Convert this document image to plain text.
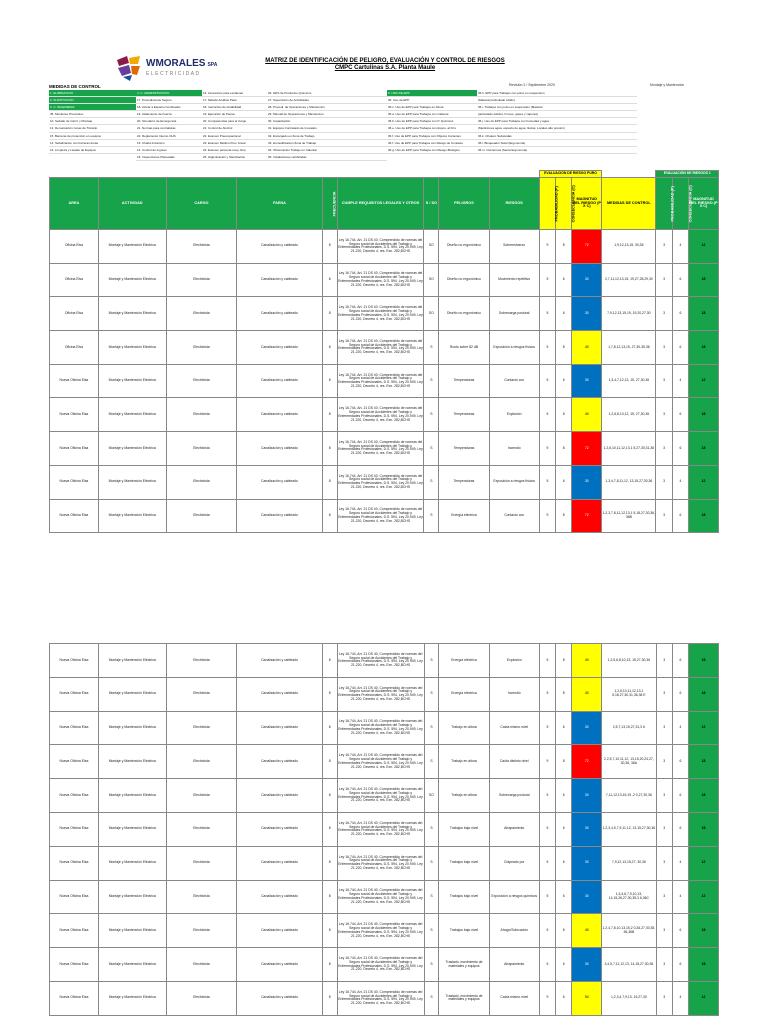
WMORALES SPA
ELECTRICIDAD
MATRIZ DE IDENTIFICACIÓN DE PELIGRO, EVALUACIÓN Y CONTROL DE RIESGOS
CMPC Cartulinas S.A. Planta Maule
Revisión 2 / Septiembre 2020	Montaje y Mantención
MEDIDAS DE CONTROL
1. ELIMINACION
2. SUSTITUCION
3. C. INGENIERIA
35. Monitoreo Preventivo
10. Señalar de Carril. y Montaje
13. Demarcación zonas de Tránsito
15. Barreras de protección en equipos
14. Señalización con barreras duras
16. Limpieza y Lavado de Equipos
4. C. ADMINISTRATIVO
17. Procedimiento Seguro
18. Actuar a Espacio Confinados
19. Aislamiento de Fuerza
20. Simulacro de Emergencia
21. Normas para contratistas
22. Reglamento Interno OHS
13. Charla Inducción
14. Control de Ingreso
15. Inspecciones Planeadas
16. Accesorios para escaleras
17. Método Análisis Pasó
18. Instructivo de dotabilidad
19. Ejecución de Pausa
20. Competencias para el Cargo
21. Control de Alcohol
22. Examen Preocupacional
23. Examen Médico Prev. Anual
24. Examen personal ocup. Exp.
25. Higienización y Sanitización
26. HDS de Productos Químicos
27. Supervisión de Actividades
28. Procedi. de Operaciones y Mantención
29. Manual de Operaciones y Mantención
30. Capacitación
31. Equipos Contratado de Inocados
32. Encargado en Zona de Trabajo
33. Humedificación Zona de Trabajo
34. Observación Trabajo en Calentar
35. Instalaciones certificadas
5. USO DE EPP
36. Uso de EPP
36.c. Uso de EPP para Trabajos en Altura
36.a. Uso de EPP para Trabajos con Caliente
36.b. Uso de EPP para Trabajos con P. Químicos
36.e. Uso de EPP para Trabajos con Expos. al Frío
36.f. Uso de EPP para Trabajos con Objetos Cortantes
36.f. Uso de EPP para Trabajos con Riesgo de Contacto
36.g. Uso de EPP para Trabajos con Riesgo Biológico
36.h. EPP para Trabajos con polvo en suspensión
(Material particulado sólido)
36.i. Trabajos con polvo en suspensión (Material
particulado sólidos, humos, gases y vapores)
36.j. Uso de EPP para Trabajos con humedad y agua
(Mediciones agua, espacio de agua, lluvias, Locales alto presión)
36.k. Chaleco Salvavidas
36.l. Bloqueador Solar (Ergonomía)
36.m. Cubrenuca (Senta Ergonomía)
									EVALUACIÓN DE RIESGO PURO				EVALUACIÓN DE RIESGOS 1		
AREA	ACTIVIDAD	CARGO	FAENA	FRECUENCIA	CUMPLE REQUISITOS LEGALES Y OTROS	S / SO	PELIGROS	RIESGOS	PROBABILIDAD (P)	CONSECUENCIA (C)	MAGNITUD DEL RIESGO (P X C)	MEDIDAS DE CONTROL	PROBABILIDAD (P)	CONSECUENCIA (C)	MAGNITUD DEL RIESGO (P X C)
Oficina Elsa	Montaje y Mantención Eléctrica	Electricista	Canalización y cableado	8	Ley 16.744, Art. 21 DS 40, Comprendido de normas del Seguro social de Accidentes del Trabajo y Enfermedades Profesionales, D.S. 594, Ley 20.949, Ley 21.220, Decreto 4, res. Exn. 282,BCHS	SO	Diseño no ergonómico	Sobreesfuerzo	9	8	72	1,9,12,13,15, 30,36	3	4	12
Oficina Elsa	Montaje y Mantención Eléctrica	Electricista	Canalización y cableado	8	Ley 16.744, Art. 21 DS 40, Comprendido de normas del Seguro social de Accidentes del Trabajo y Enfermedades Profesionales, D.S. 594, Ley 20.949, Ley 21.220, Decreto 4, res. Exn. 282,BCHS	SO	Diseño no ergonómico	Movimiento repetitivo	5	6	30	2,7,11,12,13,15, 19,27,28,29,30	3	6	18
Oficina Elsa	Montaje y Mantención Eléctrica	Electricista	Canalización y cableado	8	Ley 16.744, Art. 21 DS 40, Comprendido de normas del Seguro social de Accidentes del Trabajo y Enfermedades Profesionales, D.S. 594, Ley 20.949, Ley 21.220, Decreto 4, res. Exn. 282,BCHS	SO	Diseño no ergonómico	Sobrecarga postural	5	6	30	7,9,12,13,15,19, 19,20,27,30	3	6	18
Oficina Elsa	Montaje y Mantención Eléctrica	Electricista	Canalización y cableado	8	Ley 16.744, Art. 21 DS 40, Comprendido de normas del Seguro social de Accidentes del Trabajo y Enfermedades Profesionales, D.S. 594, Ley 20.949, Ley 21.220, Decreto 4, res. Exn. 282,BCHS	S	Ruido sobre 82 dB	Exposición a riesgos físicos	5	8	40	1,7,8,12,13,15, 27,30,35,36	3	6	18
Nueva Oficina Elsa	Montaje y Mantención Eléctrica	Electricista	Canalización y cableado	8	Ley 16.744, Art. 21 DS 40, Comprendido de normas del Seguro social de Accidentes del Trabajo y Enfermedades Profesionales, D.S. 594, Ley 20.949, Ley 21.220, Decreto 4, res. Exn. 282,BCHS	S	Temperaturas	Contacto con	5	6	30	1,3,4,7,12,13, 15, 27,30,36	3	4	12
Nueva Oficina Elsa	Montaje y Mantención Eléctrica	Electricista	Canalización y cableado	8	Ley 16.744, Art. 21 DS 40, Comprendido de normas del Seguro social de Accidentes del Trabajo y Enfermedades Profesionales, D.S. 594, Ley 20.949, Ley 21.220, Decreto 4, res. Exn. 282,BCHS	S	Temperaturas	Explosión	5	8	40	1,2,6,8,10,12, 15, 27,30,36	3	6	18
Nueva Oficina Elsa	Montaje y Mantención Eléctrica	Electricista	Canalización y cableado	8	Ley 16.744, Art. 21 DS 40, Comprendido de normas del Seguro social de Accidentes del Trabajo y Enfermedades Profesionales, D.S. 594, Ley 20.949, Ley 21.220, Decreto 4, res. Exn. 282,BCHS	S	Temperaturas	Incendio	9	8	72	1,2,6,10,11,12,13,1 5,27,30,31,36	3	6	18
Nueva Oficina Elsa	Montaje y Mantención Eléctrica	Electricista	Canalización y cableado	8	Ley 16.744, Art. 21 DS 40, Comprendido de normas del Seguro social de Accidentes del Trabajo y Enfermedades Profesionales, D.S. 594, Ley 20.949, Ley 21.220, Decreto 4, res. Exn. 282,BCHS	S	Temperaturas	Exposición a riesgos físicos	5	6	30	1,3,4,7,8,11,12, 13,15,27,30,36	3	4	12
Nueva Oficina Elsa	Montaje y Mantención Eléctrica	Electricista	Canalización y cableado	8	Ley 16.744, Art. 21 DS 40, Comprendido de normas del Seguro social de Accidentes del Trabajo y Enfermedades Profesionales, D.S. 594, Ley 20.949, Ley 21.220, Decreto 4, res. Exn. 282,BCHS	S	Energía eléctrica	Contacto con	9	8	72	1,2,3,7,8,11,12,13,1 5,18,27,30,36, 36B	3	6	18
Nueva Oficina Elsa	Montaje y Mantención Eléctrica	Electricista	Canalización y cableado	8	Ley 16.744, Art. 21 DS 40, Comprendido de normas del Seguro social de Accidentes del Trabajo y Enfermedades Profesionales, D.S. 594, Ley 20.949, Ley 21.220, Decreto 4, res. Exn. 282,BCHS	S	Energía eléctrica	Explosión	5	8	40	1,2,5,6,8,10,13, 15,27,30,36	3	6	18
Nueva Oficina Elsa	Montaje y Mantención Eléctrica	Electricista	Canalización y cableado	8	Ley 16.744, Art. 21 DS 40, Comprendido de normas del Seguro social de Accidentes del Trabajo y Enfermedades Profesionales, D.S. 594, Ley 20.949, Ley 21.220, Decreto 4, res. Exn. 282,BCHS	S	Energía eléctrica	Incendio	5	8	40	1,2,6,10,11,12,13,1 5,18,27,30,31,36,36 E	3	6	18
Nueva Oficina Elsa	Montaje y Mantención Eléctrica	Electricista	Canalización y cableado	8	Ley 16.744, Art. 21 DS 40, Comprendido de normas del Seguro social de Accidentes del Trabajo y Enfermedades Profesionales, D.S. 594, Ley 20.949, Ley 21.220, Decreto 4, res. Exn. 282,BCHS	S	Trabajo en altura	Caída mismo nivel	5	6	30	2,5,7,13,15,27,31,3 6	3	4	12
Nueva Oficina Elsa	Montaje y Mantención Eléctrica	Electricista	Canalización y cableado	8	Ley 16.744, Art. 21 DS 40, Comprendido de normas del Seguro social de Accidentes del Trabajo y Enfermedades Profesionales, D.S. 594, Ley 20.949, Ley 21.220, Decreto 4, res. Exn. 282,BCHS	S	Trabajo en altura	Caída distinto nivel	9	8	72	2,2,5,7,10,11,12, 13,15,20,24,27, 30,36, 36A	3	6	18
Nueva Oficina Elsa	Montaje y Mantención Eléctrica	Electricista	Canalización y cableado	8	Ley 16.744, Art. 21 DS 40, Comprendido de normas del Seguro social de Accidentes del Trabajo y Enfermedades Profesionales, D.S. 594, Ley 20.949, Ley 21.220, Decreto 4, res. Exn. 282,BCHS	SO	Trabajo en altura	Sobrecarga postural	5	6	30	7,11,12,13,15,19 ,2 0,27,30,36	3	6	18
Nueva Oficina Elsa	Montaje y Mantención Eléctrica	Electricista	Canalización y cableado	8	Ley 16.744, Art. 21 DS 40, Comprendido de normas del Seguro social de Accidentes del Trabajo y Enfermedades Profesionales, D.S. 594, Ley 20.949, Ley 21.220, Decreto 4, res. Exn. 282,BCHS	S	Trabajos bajo nivel	Atrapamiento	5	6	30	1,2,3,4,5,7,9,11,12, 13,15,27,30,36	3	6	18
Nueva Oficina Elsa	Montaje y Mantención Eléctrica	Electricista	Canalización y cableado	8	Ley 16.744, Art. 21 DS 40, Comprendido de normas del Seguro social de Accidentes del Trabajo y Enfermedades Profesionales, D.S. 594, Ley 20.949, Ley 21.220, Decreto 4, res. Exn. 282,BCHS	S	Trabajos bajo nivel	Golpeado por	5	6	30	7,9,12,13,15,27, 30,36	3	4	12
Nueva Oficina Elsa	Montaje y Mantención Eléctrica	Electricista	Canalización y cableado	8	Ley 16.744, Art. 21 DS 40, Comprendido de normas del Seguro social de Accidentes del Trabajo y Enfermedades Profesionales, D.S. 594, Ley 20.949, Ley 21.220, Decreto 4, res. Exn. 282,BCHS	S	Trabajos bajo nivel	Exposición a riesgos químicos	5	6	30	1,3,4,6,7,9,10,13, 14,15,26,27,30,35,3 6,36C	3	4	12
Nueva Oficina Elsa	Montaje y Mantención Eléctrica	Electricista	Canalización y cableado	8	Ley 16.744, Art. 21 DS 40, Comprendido de normas del Seguro social de Accidentes del Trabajo y Enfermedades Profesionales, D.S. 594, Ley 20.949, Ley 21.220, Decreto 4, res. Exn. 282,BCHS	S	Trabajos bajo nivel	Ahogo/Sofocación	5	8	40	1,2,4,7,8,10,13,15,2 0,26,27,30,35, 36,36B	3	6	18
Nueva Oficina Elsa	Montaje y Mantención Eléctrica	Electricista	Canalización y cableado	8	Ley 16.744, Art. 21 DS 40, Comprendido de normas del Seguro social de Accidentes del Trabajo y Enfermedades Profesionales, D.S. 594, Ley 20.949, Ley 21.220, Decreto 4, res. Exn. 282,BCHS	S	Traslado, movimiento de materiales y equipos	Atrapamiento	5	6	30	3,4,5,7,11,12,13, 14,15,27,30,36	3	6	18
Nueva Oficina Elsa	Montaje y Mantención Eléctrica	Electricista	Canalización y cableado	8	Ley 16.744, Art. 21 DS 40, Comprendido de normas del Seguro social de Accidentes del Trabajo y Enfermedades Profesionales, D.S. 594, Ley 20.949, Ley 21.220, Decreto 4, res. Exn. 282,BCHS	S	Traslado, movimiento de materiales y equipos	Caída mismo nivel	9	6	54	1,2,3,4,7,9,13, 15,27,30	3	4	12
